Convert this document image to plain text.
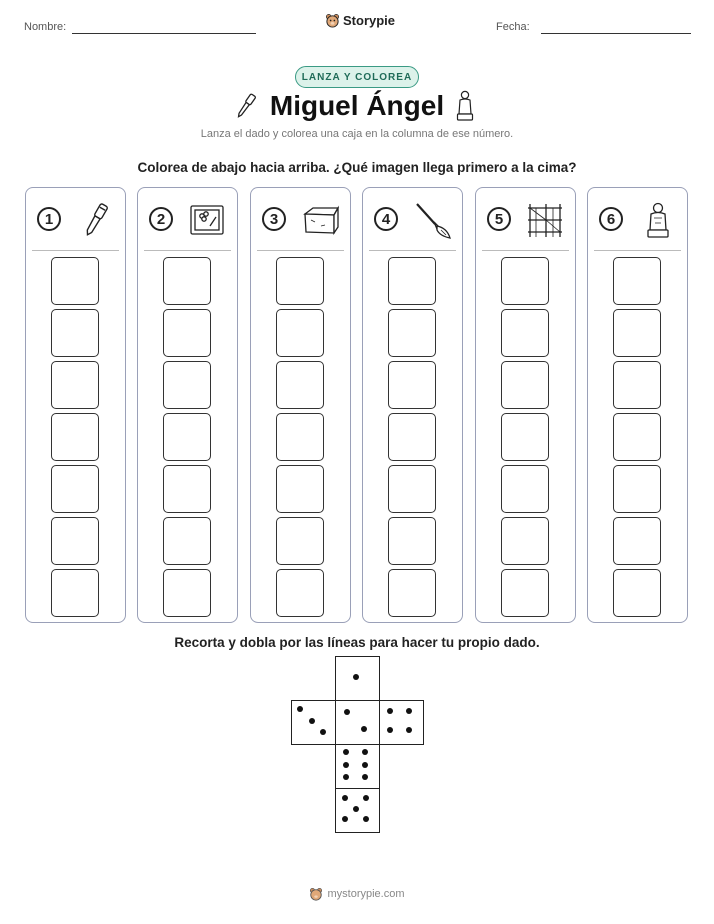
Nombre:	Storypie	Fecha:
LANZA Y COLOREA
Miguel Ángel
Lanza el dado y colorea una caja en la columna de ese número.
Colorea de abajo hacia arriba. ¿Qué imagen llega primero a la cima?
1	2	3	4	5	6
Recorta y dobla por las líneas para hacer tu propio dado.
mystorypie.com
